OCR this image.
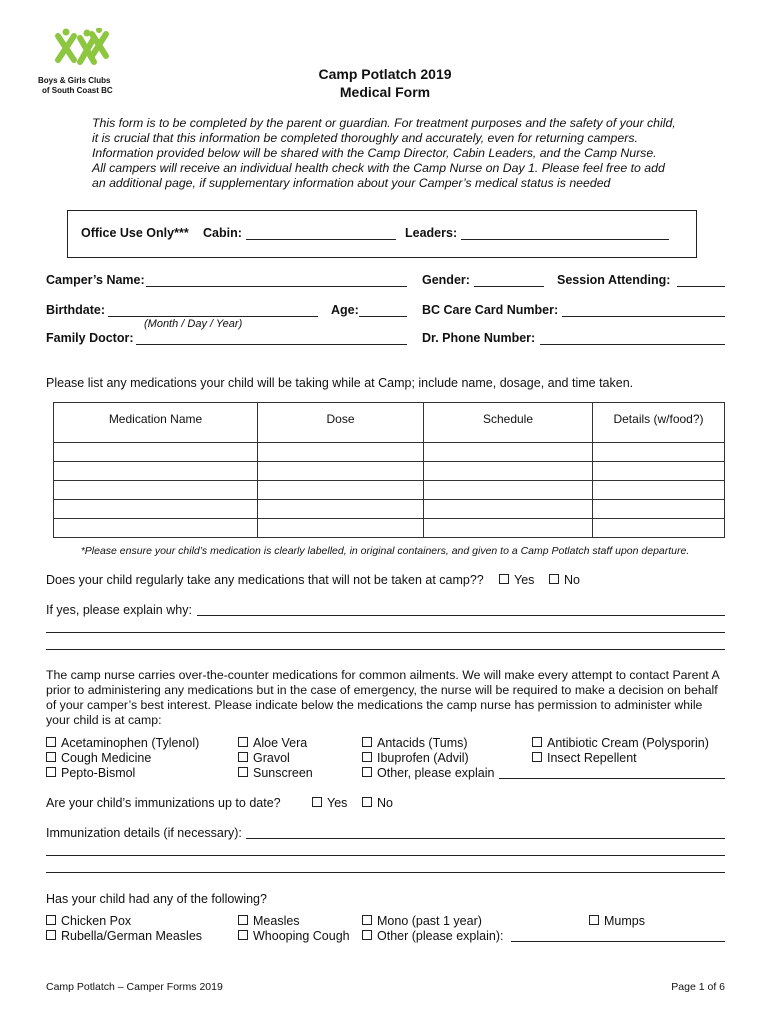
Boys & Girls Clubs
of South Coast BC
Camp Potlatch 2019
Medical Form
This form is to be completed by the parent or guardian. For treatment purposes and the safety of your child,
it is crucial that this information be completed thoroughly and accurately, even for returning campers.
Information provided below will be shared with the Camp Director, Cabin Leaders, and the Camp Nurse.
All campers will receive an individual health check with the Camp Nurse on Day 1. Please feel free to add
an additional page, if supplementary information about your Camper’s medical status is needed
Office Use Only*** Cabin:	Leaders:
Camper’s Name:	Gender:	Session Attending:
Birthdate:	Age:	BC Care Card Number:
(Month / Day / Year)
Family Doctor:	Dr. Phone Number:
Please list any medications your child will be taking while at Camp; include name, dosage, and time taken.
Medication Name	Dose	Schedule	Details (w/food?)

*Please ensure your child’s medication is clearly labelled, in original containers, and given to a Camp Potlatch staff upon departure.
Does your child regularly take any medications that will not be taken at camp??	Yes	No
If yes, please explain why:
The camp nurse carries over-the-counter medications for common ailments. We will make every attempt to contact Parent A
prior to administering any medications but in the case of emergency, the nurse will be required to make a decision on behalf
of your camper’s best interest. Please indicate below the medications the camp nurse has permission to administer while
your child is at camp:
Acetaminophen (Tylenol)
Cough Medicine
Pepto-Bismol
Aloe Vera
Gravol
Sunscreen
Antacids (Tums)
Ibuprofen (Advil)
Other, please explain
Antibiotic Cream (Polysporin)
Insect Repellent
Are your child’s immunizations up to date?	Yes	No
Immunization details (if necessary):
Has your child had any of the following?
Chicken Pox
Rubella/German Measles
Measles
Whooping Cough
Mono (past 1 year)
Other (please explain):
Mumps
Camp Potlatch – Camper Forms 2019	Page 1 of 6
